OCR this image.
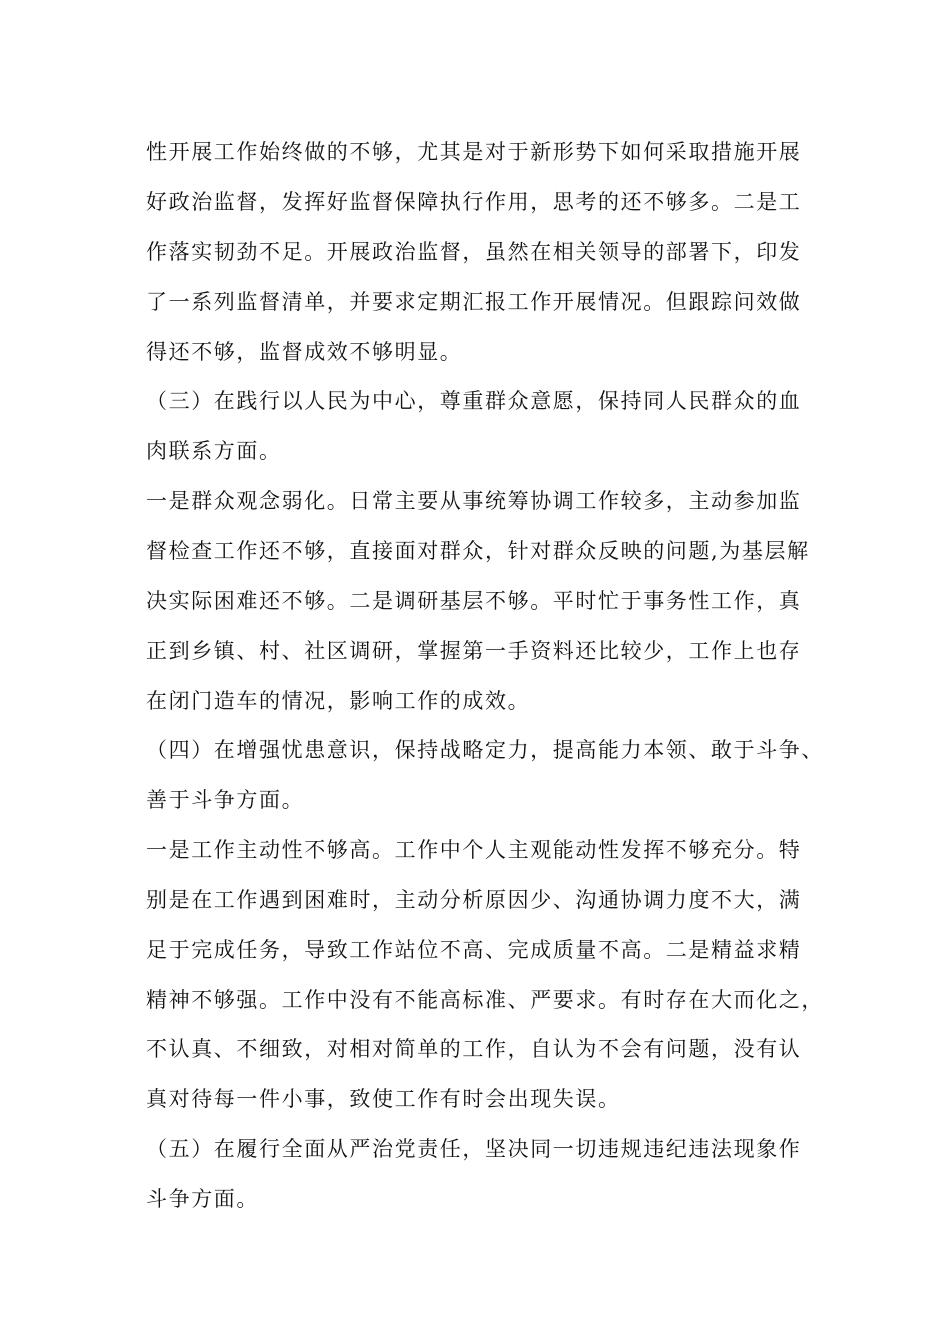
性开展工作始终做的不够，尤其是对于新形势下如何采取措施开展
好政治监督，发挥好监督保障执行作用，思考的还不够多。二是工
作落实韧劲不足。开展政治监督，虽然在相关领导的部署下，印发
了一系列监督清单，并要求定期汇报工作开展情况。但跟踪问效做
得还不够，监督成效不够明显。
（三）在践行以人民为中心，尊重群众意愿，保持同人民群众的血
肉联系方面。
一是群众观念弱化。日常主要从事统筹协调工作较多，主动参加监
督检查工作还不够，直接面对群众，针对群众反映的问题,为基层解
决实际困难还不够。二是调研基层不够。平时忙于事务性工作，真
正到乡镇、村、社区调研，掌握第一手资料还比较少，工作上也存
在闭门造车的情况，影响工作的成效。
（四）在增强忧患意识，保持战略定力，提高能力本领、敢于斗争、
善于斗争方面。
一是工作主动性不够高。工作中个人主观能动性发挥不够充分。特
别是在工作遇到困难时，主动分析原因少、沟通协调力度不大，满
足于完成任务，导致工作站位不高、完成质量不高。二是精益求精
精神不够强。工作中没有不能高标准、严要求。有时存在大而化之，
不认真、不细致，对相对简单的工作，自认为不会有问题，没有认
真对待每一件小事，致使工作有时会出现失误。
（五）在履行全面从严治党责任，坚决同一切违规违纪违法现象作
斗争方面。
